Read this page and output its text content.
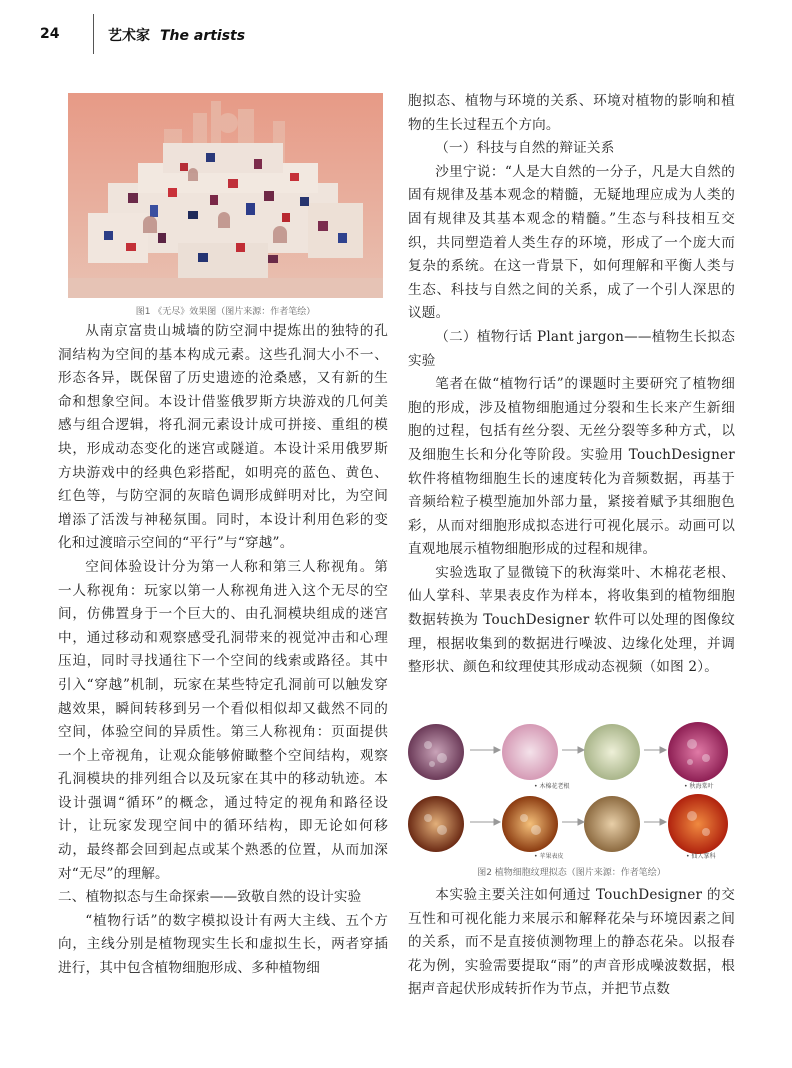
24	艺术家 The artists
图1 《无尽》效果图（图片来源：作者笔绘）

从南京富贵山城墙的防空洞中提炼出的独特的孔洞结构为空间的基本构成元素。这些孔洞大小不一、形态各异，既保留了历史遗迹的沧桑感，又有新的生命和想象空间。本设计借鉴俄罗斯方块游戏的几何美感与组合逻辑，将孔洞元素设计成可拼接、重组的模块，形成动态变化的迷宫或隧道。本设计采用俄罗斯方块游戏中的经典色彩搭配，如明亮的蓝色、黄色、红色等，与防空洞的灰暗色调形成鲜明对比，为空间增添了活泼与神秘氛围。同时，本设计利用色彩的变化和过渡暗示空间的“平行”与“穿越”。

空间体验设计分为第一人称和第三人称视角。第一人称视角：玩家以第一人称视角进入这个无尽的空间，仿佛置身于一个巨大的、由孔洞模块组成的迷宫中，通过移动和观察感受孔洞带来的视觉冲击和心理压迫，同时寻找通往下一个空间的线索或路径。其中引入“穿越”机制，玩家在某些特定孔洞前可以触发穿越效果，瞬间转移到另一个看似相似却又截然不同的空间，体验空间的异质性。第三人称视角：页面提供一个上帝视角，让观众能够俯瞰整个空间结构，观察孔洞模块的排列组合以及玩家在其中的移动轨迹。本设计强调“循环”的概念，通过特定的视角和路径设计，让玩家发现空间中的循环结构，即无论如何移动，最终都会回到起点或某个熟悉的位置，从而加深对“无尽”的理解。

二、植物拟态与生命探索——致敬自然的设计实验

“植物行话”的数字模拟设计有两大主线、五个方向，主线分别是植物现实生长和虚拟生长，两者穿插进行，其中包含植物细胞形成、多种植物细

胞拟态、植物与环境的关系、环境对植物的影响和植物的生长过程五个方向。

（一）科技与自然的辩证关系

沙里宁说：“人是大自然的一分子，凡是大自然的固有规律及基本观念的精髓，无疑地理应成为人类的固有规律及其基本观念的精髓。”生态与科技相互交织，共同塑造着人类生存的环境，形成了一个庞大而复杂的系统。在这一背景下，如何理解和平衡人类与生态、科技与自然之间的关系，成了一个引人深思的议题。

（二）植物行话 Plant jargon——植物生长拟态实验

笔者在做“植物行话”的课题时主要研究了植物细胞的形成，涉及植物细胞通过分裂和生长来产生新细胞的过程，包括有丝分裂、无丝分裂等多种方式，以及细胞生长和分化等阶段。实验用 TouchDesigner 软件将植物细胞生长的速度转化为音频数据，再基于音频给粒子模型施加外部力量，紧接着赋予其细胞色彩，从而对细胞形成拟态进行可视化展示。动画可以直观地展示植物细胞形成的过程和规律。

实验选取了显微镜下的秋海棠叶、木棉花老根、仙人掌科、苹果表皮作为样本，将收集到的植物细胞数据转换为 TouchDesigner 软件可以处理的图像纹理，根据收集到的数据进行噪波、边缘化处理，并调整形状、颜色和纹理使其形成动态视频（如图 2）。

• 木棉花老根	• 秋海棠叶
• 苹果表皮	• 仙人掌科
图2 植物细胞纹理拟态（图片来源：作者笔绘）

本实验主要关注如何通过 TouchDesigner 的交互性和可视化能力来展示和解释花朵与环境因素之间的关系，而不是直接侦测物理上的静态花朵。以报春花为例，实验需要提取“雨”的声音形成噪波数据，根据声音起伏形成转折作为节点，并把节点数
